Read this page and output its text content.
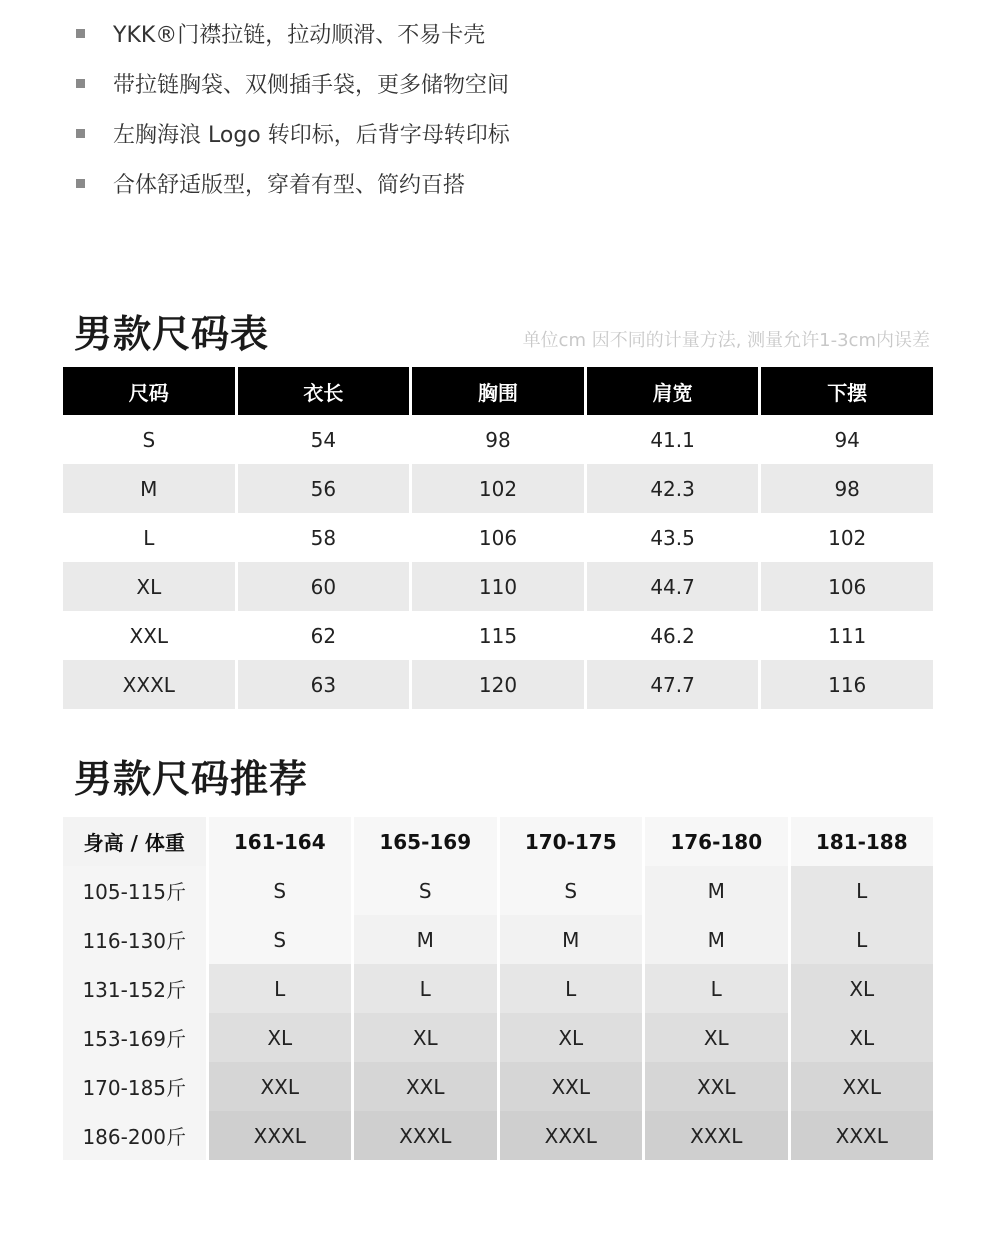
YKK®门襟拉链，拉动顺滑、不易卡壳
带拉链胸袋、双侧插手袋，更多储物空间
左胸海浪 Logo 转印标，后背字母转印标
合体舒适版型，穿着有型、简约百搭
男款尺码表	单位cm 因不同的计量方法, 测量允许1-3cm内误差
尺码	衣长	胸围	肩宽	下摆
S	54	98	41.1	94
M	56	102	42.3	98
L	58	106	43.5	102
XL	60	110	44.7	106
XXL	62	115	46.2	111
XXXL	63	120	47.7	116
男款尺码推荐
身高 / 体重	161-164	165-169	170-175	176-180	181-188
105-115斤	S	S	S	M	L
116-130斤	S	M	M	M	L
131-152斤	L	L	L	L	XL
153-169斤	XL	XL	XL	XL	XL
170-185斤	XXL	XXL	XXL	XXL	XXL
186-200斤	XXXL	XXXL	XXXL	XXXL	XXXL
